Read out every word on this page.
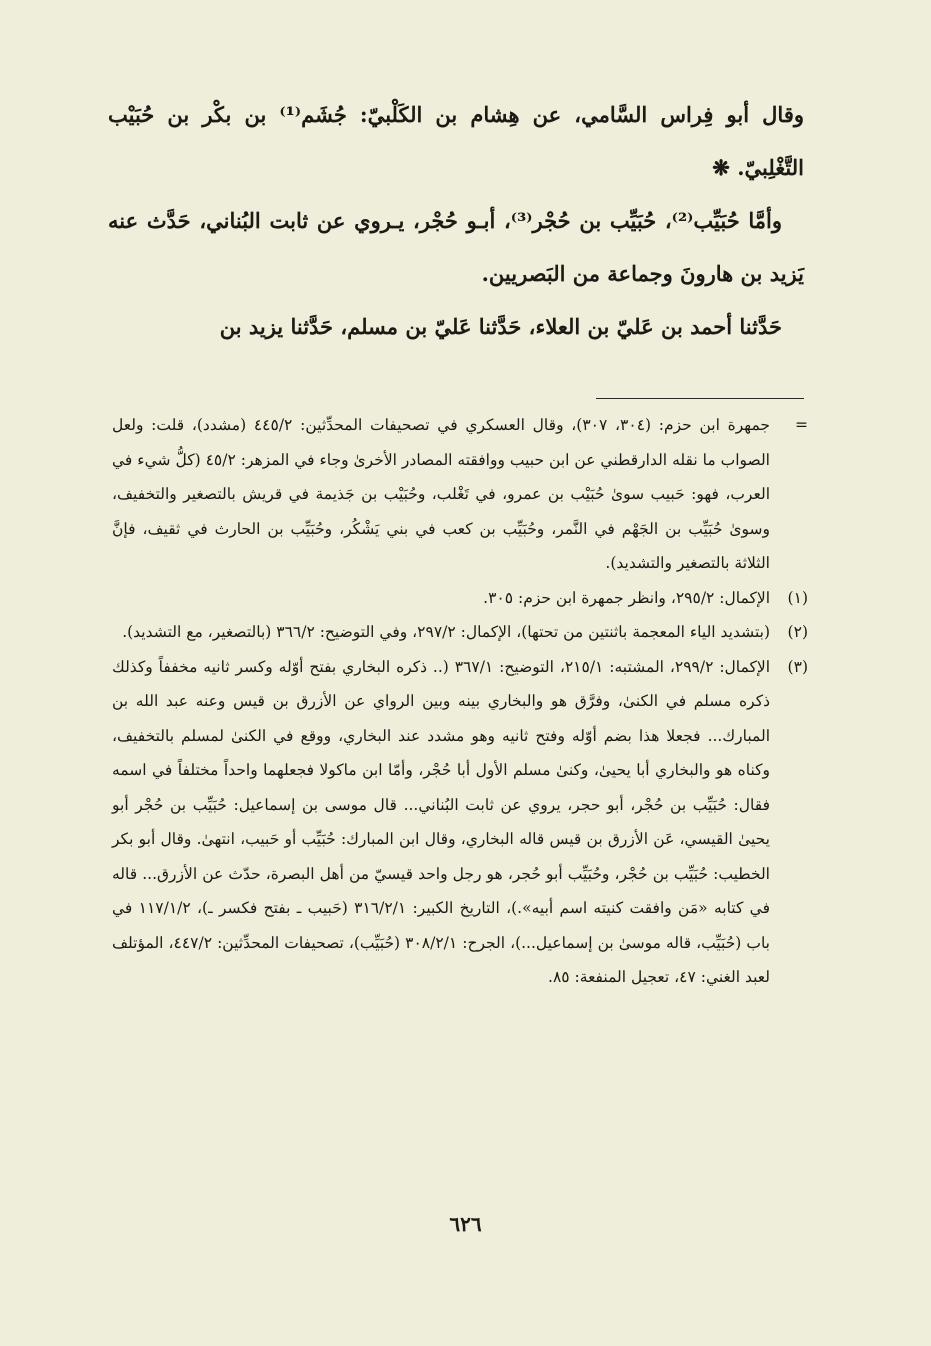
وقال أبو فِراس السَّامي، عن هِشام بن الكَلْبيّ: جُشَم⁽¹⁾ بن بكْر بن حُبَيْب التَّغْلِبيّ. ❋

وأمَّا حُبَيِّب⁽²⁾، حُبَيِّب بن حُجْر⁽³⁾، أبـو حُجْر، يـروي عن ثابت البُناني، حَدَّث عنه يَزيد بن هارونَ وجماعة من البَصريين.

حَدَّثنا أحمد بن عَليّ بن العلاء، حَدَّثنا عَليّ بن مسلم، حَدَّثنا يزيد بن

=
جمهرة ابن حزم: (٣٠٤، ٣٠٧)، وقال العسكري في تصحيفات المحدِّثين: ٤٤٥/٢ (مشدد)، قلت: ولعل الصواب ما نقله الدارقطني عن ابن حبيب ووافقته المصادر الأخرىٰ وجاء في المزهر: ٤٥/٢ (كلُّ شيء في العرب، فهو: حَبيب سوىٰ حُبَيْب بن عمرو، في تَغْلب، وحُبَيْب بن جَذيمة في قريش بالتصغير والتخفيف، وسوىٰ حُبَيِّب بن الجَهْم في النَّمر، وحُبَيِّب بن كعب في بني يَشْكُر، وحُبَيِّب بن الحارث في ثقيف، فإنَّ الثلاثة بالتصغير والتشديد).
(١)
الإكمال: ٢٩٥/٢، وانظر جمهرة ابن حزم: ٣٠٥.
(٢)
(بتشديد الياء المعجمة باثنتين من تحتها)، الإكمال: ٢٩٧/٢، وفي التوضيح: ٣٦٦/٢ (بالتصغير، مع التشديد).
(٣)
الإكمال: ٢٩٩/٢، المشتبه: ٢١٥/١، التوضيح: ٣٦٧/١ (.. ذكره البخاري بفتح أوّله وكسر ثانيه مخففاً وكذلك ذكره مسلم في الكنىٰ، وفرَّق هو والبخاري بينه وبين الرواي عن الأزرق بن قيس وعنه عبد الله بن المبارك... فجعلا هذا بضم أوّله وفتح ثانيه وهو مشدد عند البخاري، ووقع في الكنىٰ لمسلم بالتخفيف، وكناه هو والبخاري أبا يحيىٰ، وكنىٰ مسلم الأول أبا حُجْر، وأمّا ابن ماكولا فجعلهما واحداً مختلفاً في اسمه فقال: حُبَيِّب بن حُجْر، أبو حجر، يروي عن ثابت البُناني... قال موسى بن إسماعيل: حُبَيِّب بن حُجْر أبو يحيىٰ القيسي، عَن الأزرق بن قيس قاله البخاري، وقال ابن المبارك: حُبَيِّب أو حَبيب، انتهىٰ. وقال أبو بكر الخطيب: حُبَيِّب بن حُجْر، وحُبَيِّب أبو حُجر، هو رجل واحد قيسيّ من أهل البصرة، حدّث عن الأزرق... قاله في كتابه «مَن وافقت كنيته اسم أبيه».)، التاريخ الكبير: ٣١٦/٢/١ (حَبيب ـ بفتح فكسر ـ)، ١١٧/١/٢ في باب (حُبَيِّب، قاله موسىٰ بن إسماعيل...)، الجرح: ٣٠٨/٢/١ (حُبَيِّب)، تصحيفات المحدِّثين: ٤٤٧/٢، المؤتلف لعبد الغني: ٤٧، تعجيل المنفعة: ٨٥.
٦٢٦
